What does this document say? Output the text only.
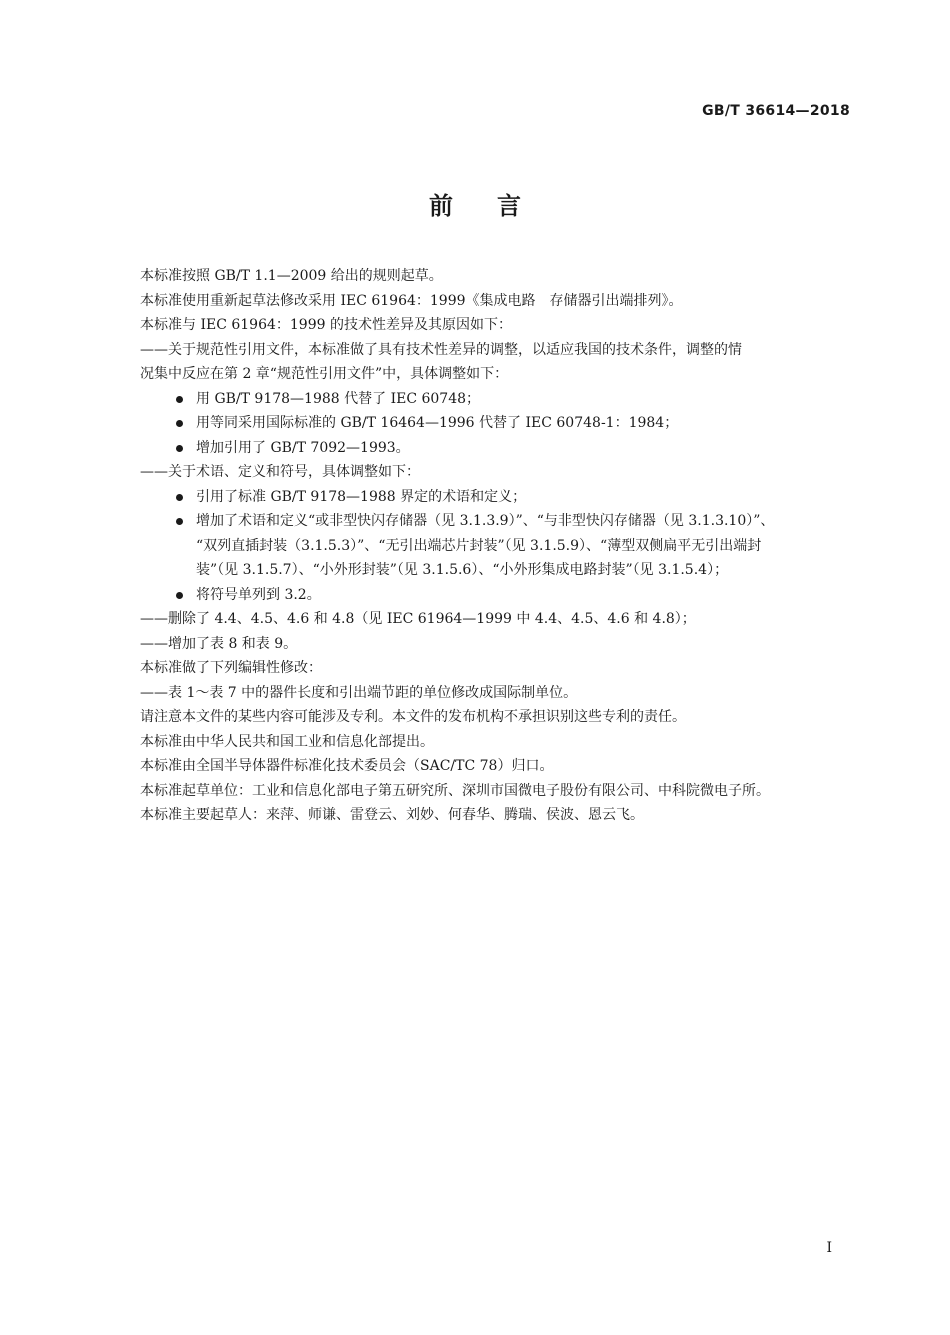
GB/T 36614—2018
前言

本标准按照 GB/T 1.1—2009 给出的规则起草。

本标准使用重新起草法修改采用 IEC 61964：1999《集成电路　存储器引出端排列》。

本标准与 IEC 61964：1999 的技术性差异及其原因如下：

——关于规范性引用文件，本标准做了具有技术性差异的调整，以适应我国的技术条件，调整的情
况集中反应在第 2 章“规范性引用文件”中，具体调整如下：

用 GB/T 9178—1988 代替了 IEC 60748；

用等同采用国际标准的 GB/T 16464—1996 代替了 IEC 60748-1：1984；

增加引用了 GB/T 7092—1993。

——关于术语、定义和符号，具体调整如下：

引用了标准 GB/T 9178—1988 界定的术语和定义；

增加了术语和定义“或非型快闪存储器（见 3.1.3.9）”、“与非型快闪存储器（见 3.1.3.10）”、
“双列直插封装（3.1.5.3）”、“无引出端芯片封装”（见 3.1.5.9）、“薄型双侧扁平无引出端封
装”（见 3.1.5.7）、“小外形封装”（见 3.1.5.6）、“小外形集成电路封装”（见 3.1.5.4）；

将符号单列到 3.2。

——删除了 4.4、4.5、4.6 和 4.8（见 IEC 61964—1999 中 4.4、4.5、4.6 和 4.8）；

——增加了表 8 和表 9。

本标准做了下列编辑性修改：

——表 1～表 7 中的器件长度和引出端节距的单位修改成国际制单位。

请注意本文件的某些内容可能涉及专利。本文件的发布机构不承担识别这些专利的责任。

本标准由中华人民共和国工业和信息化部提出。

本标准由全国半导体器件标准化技术委员会（SAC/TC 78）归口。

本标准起草单位：工业和信息化部电子第五研究所、深圳市国微电子股份有限公司、中科院微电子所。

本标准主要起草人：来萍、师谦、雷登云、刘妙、何春华、腾瑞、侯波、恩云飞。

I
